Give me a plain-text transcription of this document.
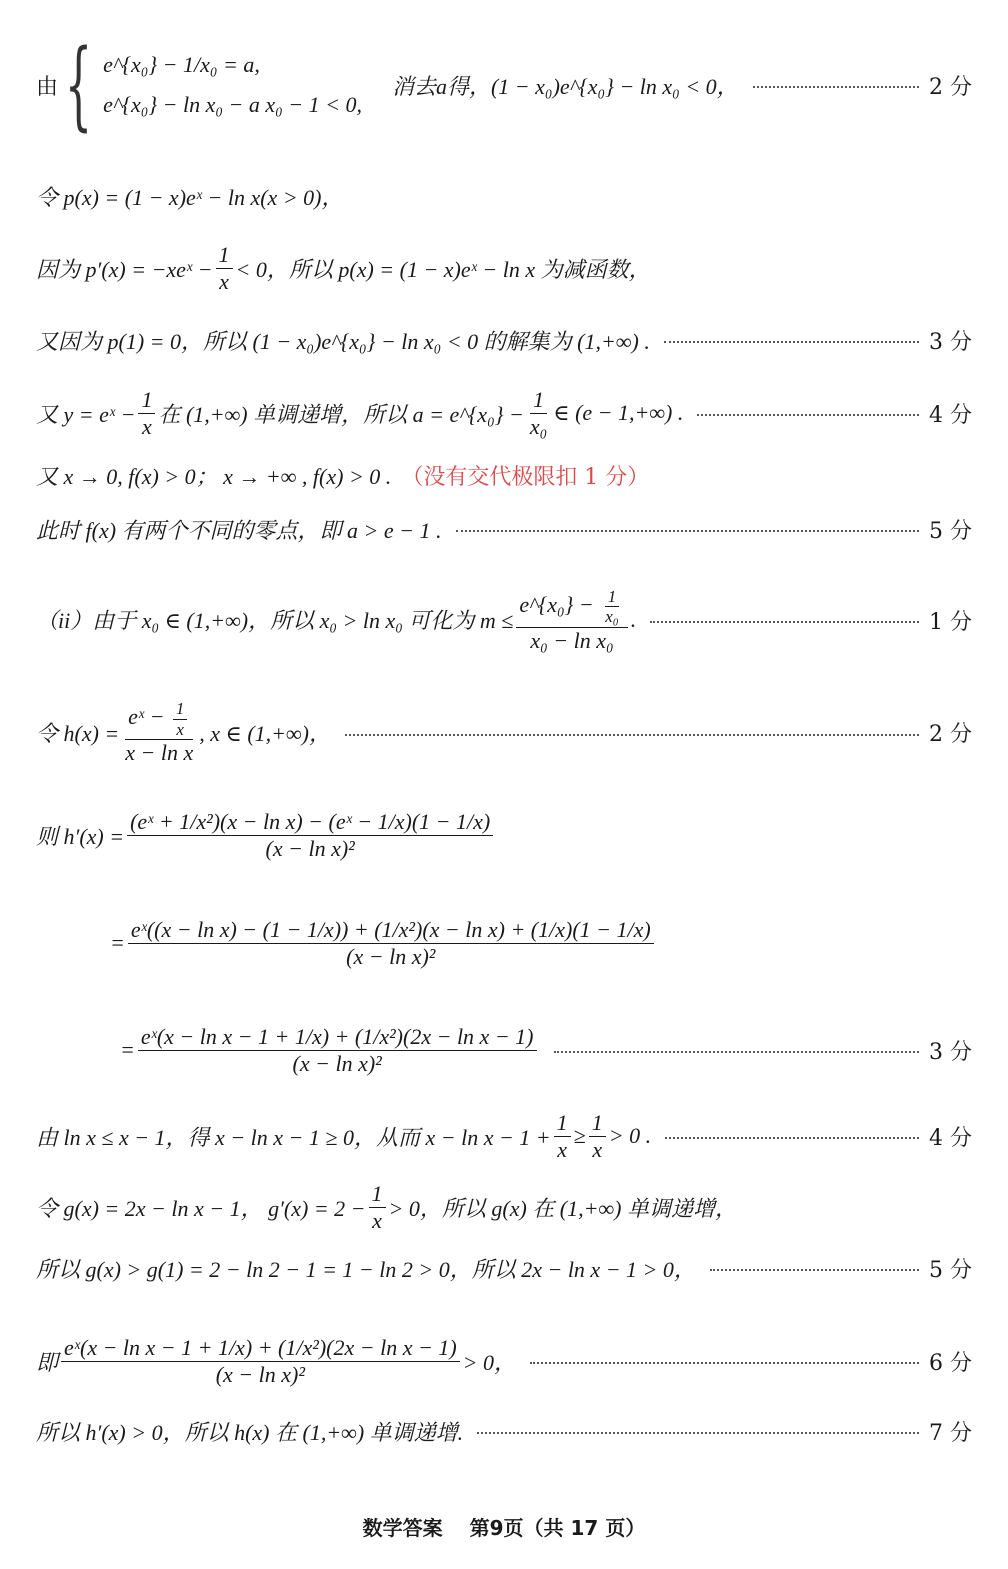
由 { e^{x₀} − 1/x₀ = a,
e^{x₀} − ln x₀ − a x₀ − 1 < 0,
消去a得，(1 − x₀)e^{x₀} − ln x₀ < 0，	2 分
令 p(x) = (1 − x)eˣ − ln x(x > 0)，
因为 p′(x) = −xeˣ − $\frac{1}{x} < 0$，所以 p(x) = (1 − x)eˣ − ln x 为减函数，
又因为 p(1) = 0，所以 (1 − x₀)e^{x₀} − ln x₀ < 0 的解集为 (1,+∞) .	3 分
又 y = eˣ − $\frac{1}{x}$ 在 (1,+∞) 单调递增，所以 a = e^{x₀} − $\frac{1}{\text{x₀}}$ ∈ (e − 1,+∞) .	4 分
又 x → 0, f(x) > 0； x → +∞ , f(x) > 0 . （没有交代极限扣 1 分）
此时 f(x) 有两个不同的零点，即 a > e − 1 .	5 分
（ii）由于 x₀ ∈ (1,+∞)，所以 x₀ > ln x₀ 可化为 $m \le \frac{e\^{}\{x_0\} - \frac{1}{\text{x₀}}}{\text{x₀ − ln x₀}}$ .	1 分
令 $h(x) = \frac{eˣ - \frac{1}{x}}{\text{x − ln x}}$ , x ∈ (1,+∞)，	2 分
则 $h'(x) = \frac{\text{(eˣ + 1/x²)(x − ln x) − (eˣ − 1/x)(1 − 1/x)}}{\text{(x − ln x)²}}$
=
eˣ((x − ln x) − (1 − 1/x)) + (1/x²)(x − ln x) + (1/x)(1 − 1/x)
(x − ln x)²
= $\frac{\text{eˣ(x − ln x − 1 + 1/x) + (1/x²)(2x − ln x − 1)}}{\text{(x − ln x)²}}$	3 分
由 ln x ≤ x − 1，得 x − ln x − 1 ≥ 0，从而 $x - \ln x - 1 + \frac{1}{x} \ge \frac{1}{x} > 0$ .	4 分
令 g(x) = 2x − ln x − 1， $g'(x) = 2 - \frac{1}{x} > 0$，所以 g(x) 在 (1,+∞) 单调递增，
所以 g(x) > g(1) = 2 − ln 2 − 1 = 1 − ln 2 > 0，所以 2x − ln x − 1 > 0，	5 分
即 $\frac{\text{eˣ(x − ln x − 1 + 1/x) + (1/x²)(2x − ln x − 1)}}{\text{(x − ln x)²}} > 0$，	6 分
所以 h′(x) > 0，所以 h(x) 在 (1,+∞) 单调递增.	7 分
数学答案 第9页（共 17 页）
